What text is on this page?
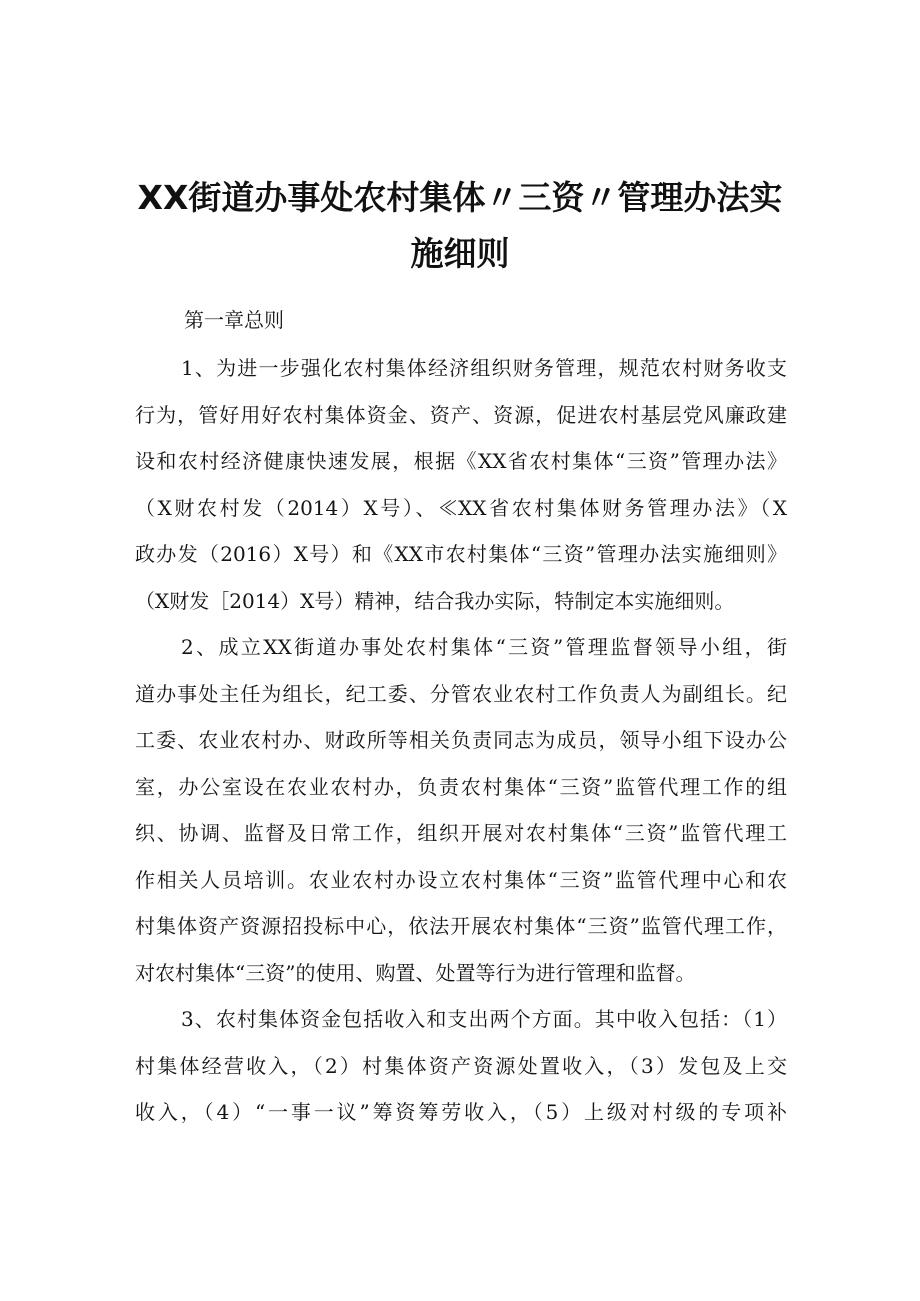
XX街道办事处农村集体〃三资〃管理办法实
施细则

第一章总则

1、为进一步强化农村集体经济组织财务管理，规范农村财务收支
行为，管好用好农村集体资金、资产、资源，促进农村基层党风廉政建
设和农村经济健康快速发展，根据《XX省农村集体“三资”管理办法》
（X财农村发（2014）X号）、≪XX省农村集体财务管理办法》（X
政办发（2016）X号）和《XX市农村集体“三资”管理办法实施细则》
（X财发［2014）X号）精神，结合我办实际，特制定本实施细则。
2、成立XX街道办事处农村集体“三资”管理监督领导小组，街
道办事处主任为组长，纪工委、分管农业农村工作负责人为副组长。纪
工委、农业农村办、财政所等相关负责同志为成员，领导小组下设办公
室，办公室设在农业农村办，负责农村集体“三资”监管代理工作的组
织、协调、监督及日常工作，组织开展对农村集体“三资”监管代理工
作相关人员培训。农业农村办设立农村集体“三资”监管代理中心和农
村集体资产资源招投标中心，依法开展农村集体“三资”监管代理工作，
对农村集体“三资”的使用、购置、处置等行为进行管理和监督。
3、农村集体资金包括收入和支出两个方面。其中收入包括：（1）
村集体经营收入，（2）村集体资产资源处置收入，（3）发包及上交
收入，（4）“一事一议”筹资筹劳收入，（5）上级对村级的专项补
